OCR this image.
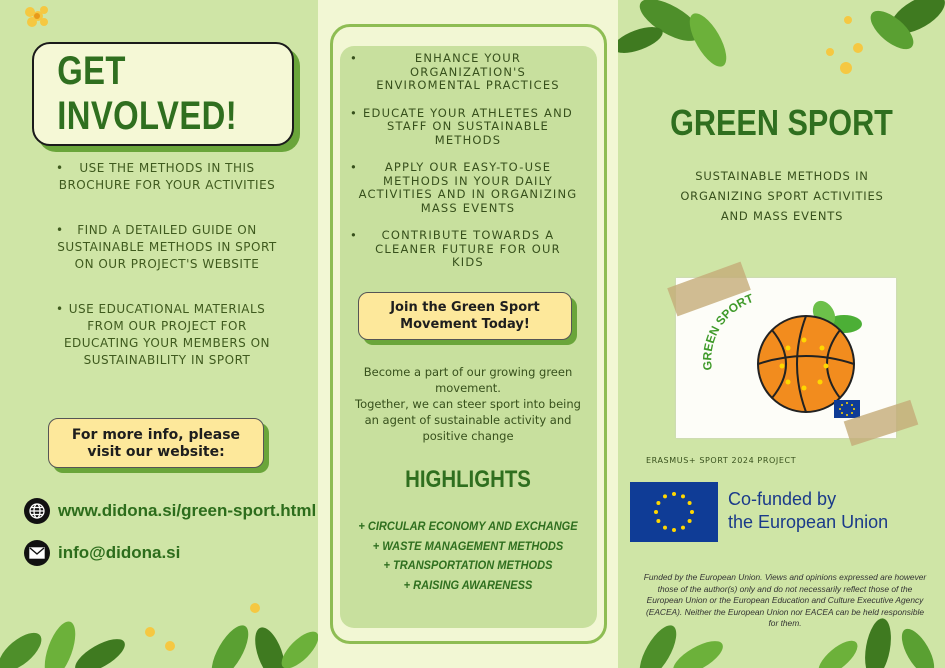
GET INVOLVED!
• USE THE METHODS IN THIS BROCHURE FOR YOUR ACTIVITIES
• FIND A DETAILED GUIDE ON SUSTAINABLE METHODS IN SPORT ON OUR PROJECT'S WEBSITE
• USE EDUCATIONAL MATERIALS FROM OUR PROJECT FOR EDUCATING YOUR MEMBERS ON SUSTAINABILITY IN SPORT
For more info, please
visit our website:
www.didona.si/green-sport.html
info@didona.si
• ENHANCE YOUR ORGANIZATION'S ENVIROMENTAL PRACTICES
• EDUCATE YOUR ATHLETES AND STAFF ON SUSTAINABLE METHODS
• APPLY OUR EASY-TO-USE METHODS IN YOUR DAILY ACTIVITIES AND IN ORGANIZING MASS EVENTS
• CONTRIBUTE TOWARDS A CLEANER FUTURE FOR OUR KIDS
Join the Green Sport
Movement Today!
Become a part of our growing green movement.
Together, we can steer sport into being an agent of sustainable activity and positive change
HIGHLIGHTS
+ CIRCULAR ECONOMY AND EXCHANGE
+ WASTE MANAGEMENT METHODS
+ TRANSPORTATION METHODS
+ RAISING AWARENESS
GREEN SPORT
SUSTAINABLE METHODS IN ORGANIZING SPORT ACTIVITIES AND MASS EVENTS
GREEN SPORT
ERASMUS+ SPORT 2024 PROJECT
Co-funded by
the European Union
Funded by the European Union. Views and opinions expressed are however those of the author(s) only and do not necessarily reflect those of the European Union or the European Education and Culture Executive Agency (EACEA). Neither the European Union nor EACEA can be held responsible for them.
